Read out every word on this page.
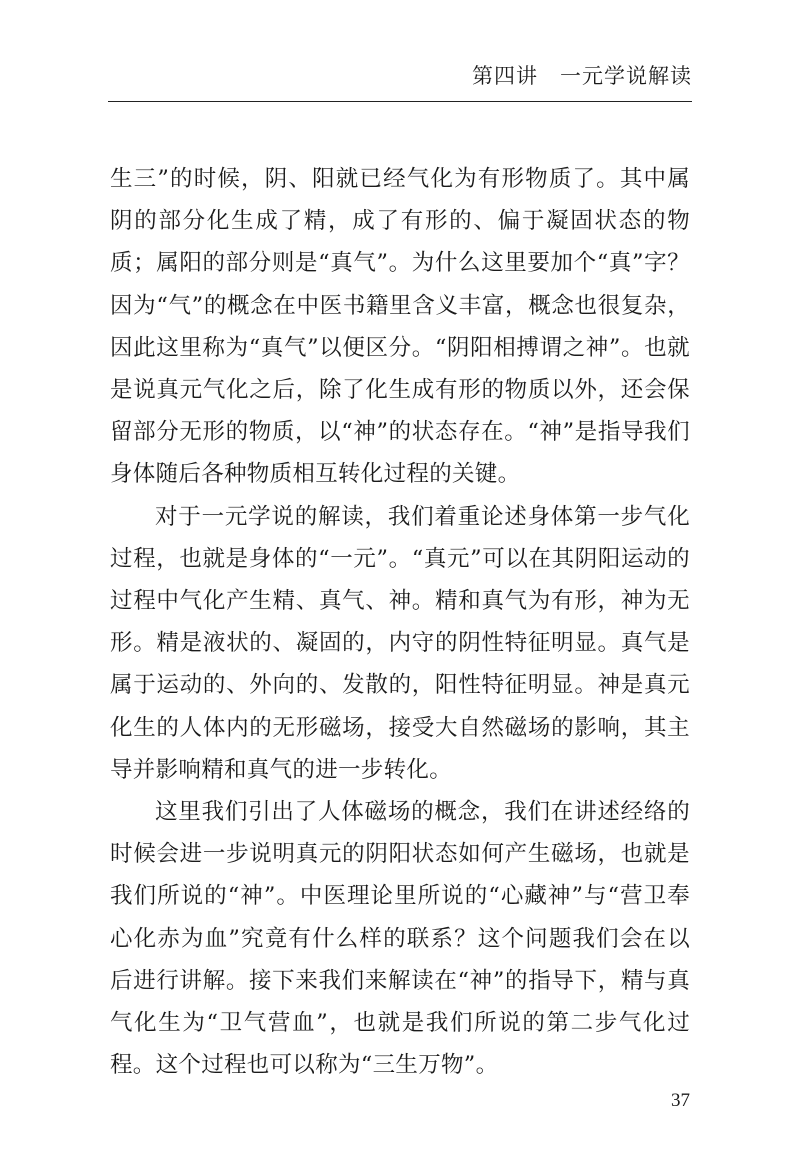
第四讲 一元学说解读

生三”的时候，阴、阳就已经气化为有形物质了。其中属阴的部分化生成了精，成了有形的、偏于凝固状态的物质；属阳的部分则是“真气”。为什么这里要加个“真”字？因为“气”的概念在中医书籍里含义丰富，概念也很复杂，因此这里称为“真气”以便区分。“阴阳相搏谓之神”。也就是说真元气化之后，除了化生成有形的物质以外，还会保留部分无形的物质，以“神”的状态存在。“神”是指导我们身体随后各种物质相互转化过程的关键。

对于一元学说的解读，我们着重论述身体第一步气化过程，也就是身体的“一元”。“真元”可以在其阴阳运动的过程中气化产生精、真气、神。精和真气为有形，神为无形。精是液状的、凝固的，内守的阴性特征明显。真气是属于运动的、外向的、发散的，阳性特征明显。神是真元化生的人体内的无形磁场，接受大自然磁场的影响，其主导并影响精和真气的进一步转化。

这里我们引出了人体磁场的概念，我们在讲述经络的时候会进一步说明真元的阴阳状态如何产生磁场，也就是我们所说的“神”。中医理论里所说的“心藏神”与“营卫奉心化赤为血”究竟有什么样的联系？这个问题我们会在以后进行讲解。接下来我们来解读在“神”的指导下，精与真气化生为“卫气营血”，也就是我们所说的第二步气化过程。这个过程也可以称为“三生万物”。

37
